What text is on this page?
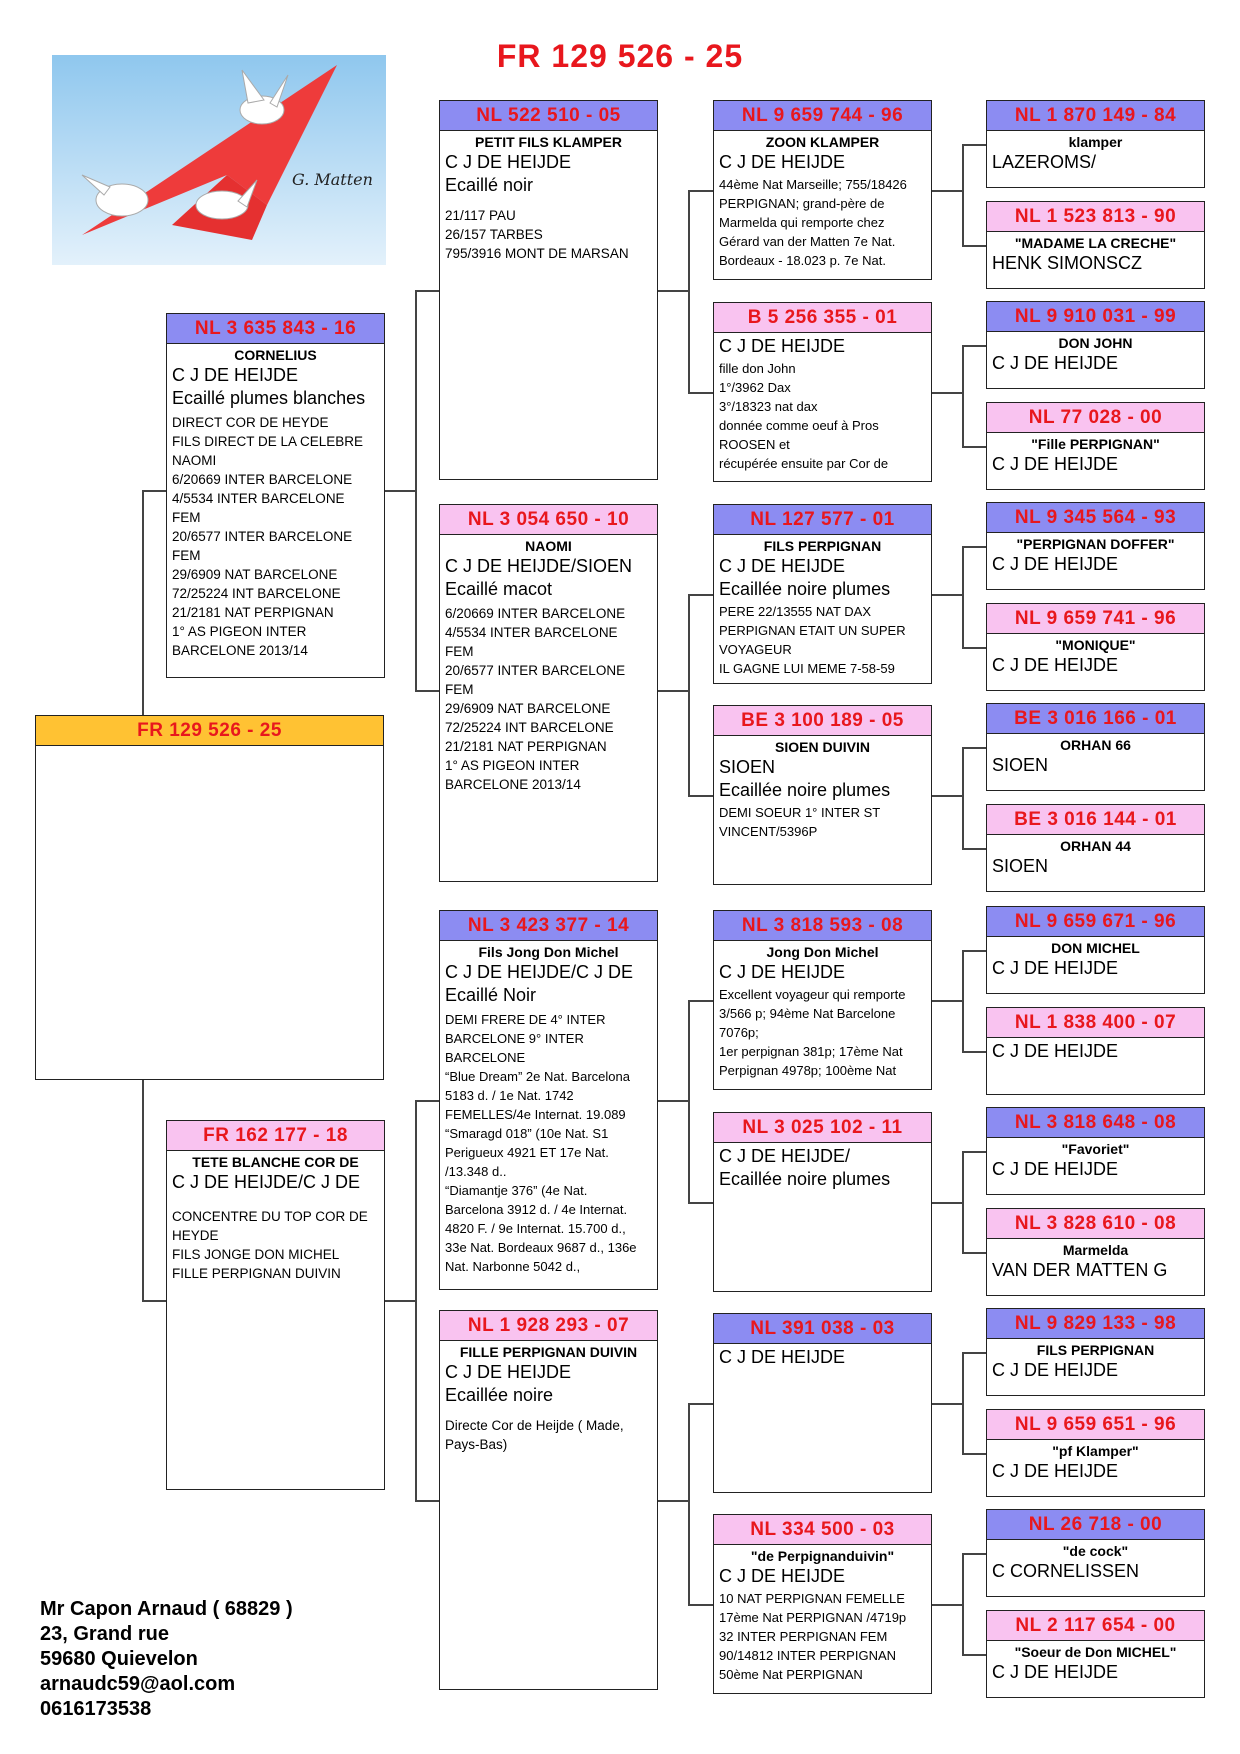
FR 129 526 - 25
G. Matten
FR 129 526 - 25
NL 3 635 843 - 16
CORNELIUS
C J DE HEIJDE
Ecaillé plumes blanches
DIRECT COR DE HEYDE
FILS DIRECT DE LA CELEBRE
NAOMI
6/20669 INTER BARCELONE
4/5534 INTER BARCELONE
FEM
20/6577 INTER BARCELONE
FEM
29/6909 NAT BARCELONE
72/25224 INT BARCELONE
21/2181 NAT PERPIGNAN
1° AS PIGEON INTER
BARCELONE 2013/14
FR 162 177 - 18
TETE BLANCHE COR DE
C J DE HEIJDE/C J DE
CONCENTRE DU TOP COR DE
HEYDE
FILS JONGE DON MICHEL
FILLE PERPIGNAN DUIVIN
NL 522 510 - 05
PETIT FILS KLAMPER
C J DE HEIJDE
Ecaillé noir
21/117 PAU
26/157 TARBES
795/3916 MONT DE MARSAN
NL 3 054 650 - 10
NAOMI
C J DE HEIJDE/SIOEN
Ecaillé macot
6/20669 INTER BARCELONE
4/5534 INTER BARCELONE
FEM
20/6577 INTER BARCELONE
FEM
29/6909 NAT BARCELONE
72/25224 INT BARCELONE
21/2181 NAT PERPIGNAN
1° AS PIGEON INTER
BARCELONE 2013/14
NL 3 423 377 - 14
Fils Jong Don Michel
C J DE HEIJDE/C J DE
Ecaillé Noir
DEMI FRERE DE 4° INTER
BARCELONE 9° INTER
BARCELONE
“Blue Dream” 2e Nat. Barcelona
5183 d. / 1e Nat. 1742
FEMELLES/4e Internat. 19.089
“Smaragd 018” (10e Nat. S1
Perigueux 4921 ET 17e Nat.
/13.348 d..
“Diamantje 376” (4e Nat.
Barcelona 3912 d. / 4e Internat.
4820 F. / 9e Internat. 15.700 d.,
33e Nat. Bordeaux 9687 d., 136e
Nat. Narbonne 5042 d.,
NL 1 928 293 - 07
FILLE PERPIGNAN DUIVIN
C J DE HEIJDE
Ecaillée noire
Directe Cor de Heijde ( Made,
Pays-Bas)
NL 9 659 744 - 96
ZOON KLAMPER
C J DE HEIJDE
44ème Nat Marseille; 755/18426
PERPIGNAN; grand-père de
Marmelda qui remporte chez
Gérard van der Matten 7e Nat.
Bordeaux - 18.023 p. 7e Nat.
B 5 256 355 - 01
C J DE HEIJDE
fille don John
1°/3962 Dax
3°/18323 nat dax
donnée comme oeuf à Pros
ROOSEN et
récupérée ensuite par Cor de
NL 127 577 - 01
FILS PERPIGNAN
C J DE HEIJDE
Ecaillée noire plumes
PERE 22/13555 NAT DAX
PERPIGNAN ETAIT UN SUPER
VOYAGEUR
IL GAGNE LUI MEME 7-58-59
BE 3 100 189 - 05
SIOEN DUIVIN
SIOEN
Ecaillée noire plumes
DEMI SOEUR 1° INTER ST
VINCENT/5396P
NL 3 818 593 - 08
Jong Don Michel
C J DE HEIJDE
Excellent voyageur qui remporte
3/566 p; 94ème Nat Barcelone
7076p;
1er perpignan 381p; 17ème Nat
Perpignan 4978p; 100ème Nat
NL 3 025 102 - 11
C J DE HEIJDE/
Ecaillée noire plumes
NL 391 038 - 03
C J DE HEIJDE
NL 334 500 - 03
"de Perpignanduivin"
C J DE HEIJDE
10 NAT PERPIGNAN FEMELLE
17ème Nat PERPIGNAN /4719p
32 INTER PERPIGNAN FEM
90/14812 INTER PERPIGNAN
50ème Nat PERPIGNAN
NL 1 870 149 - 84
klamper
LAZEROMS/
NL 1 523 813 - 90
"MADAME LA CRECHE"
HENK SIMONSCZ
NL 9 910 031 - 99
DON JOHN
C J DE HEIJDE
NL 77 028 - 00
"Fille PERPIGNAN"
C J DE HEIJDE
NL 9 345 564 - 93
"PERPIGNAN DOFFER"
C J DE HEIJDE
NL 9 659 741 - 96
"MONIQUE"
C J DE HEIJDE
BE 3 016 166 - 01
ORHAN 66
SIOEN
BE 3 016 144 - 01
ORHAN 44
SIOEN
NL 9 659 671 - 96
DON MICHEL
C J DE HEIJDE
NL 1 838 400 - 07
C J DE HEIJDE
NL 3 818 648 - 08
"Favoriet"
C J DE HEIJDE
NL 3 828 610 - 08
Marmelda
VAN DER MATTEN G
NL 9 829 133 - 98
FILS PERPIGNAN
C J DE HEIJDE
NL 9 659 651 - 96
"pf Klamper"
C J DE HEIJDE
NL 26 718 - 00
"de cock"
C CORNELISSEN
NL 2 117 654 - 00
"Soeur de Don MICHEL"
C J DE HEIJDE
Mr Capon Arnaud ( 68829 )
23, Grand rue
59680 Quievelon
arnaudc59@aol.com
0616173538
